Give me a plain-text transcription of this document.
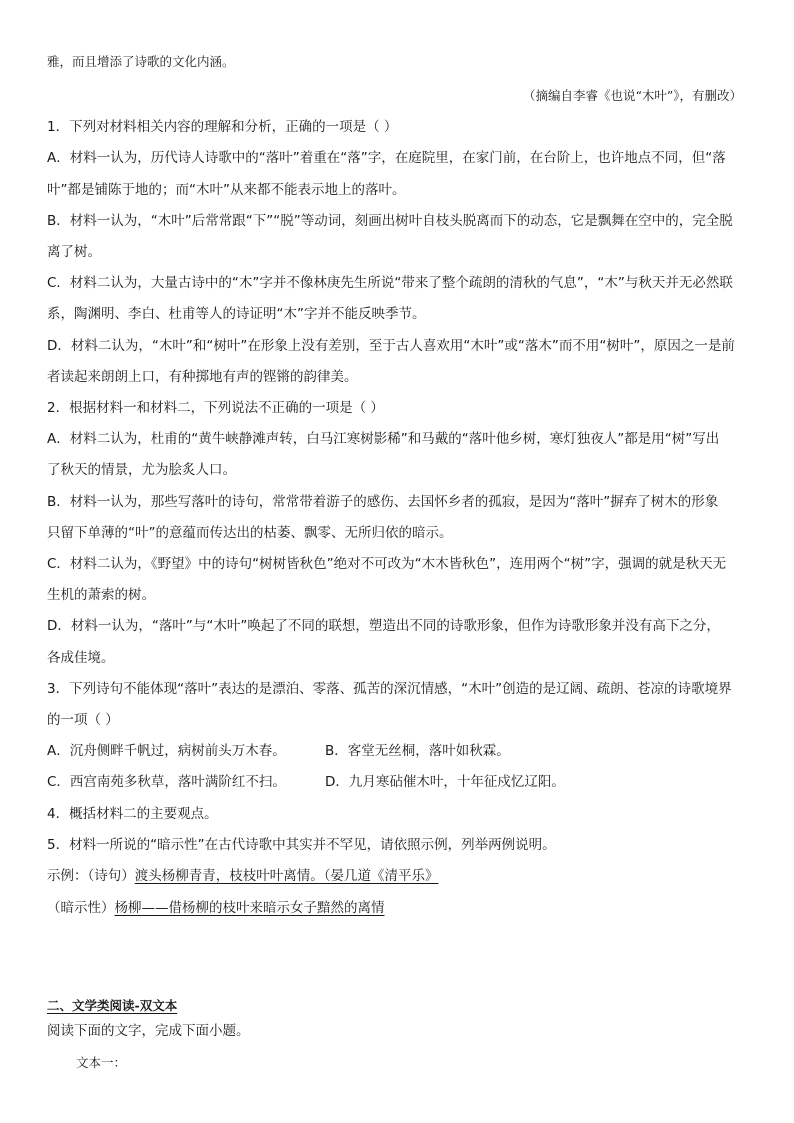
雅，而且增添了诗歌的文化内涵。
（摘编自李睿《也说“木叶”》，有删改）
1．下列对材料相关内容的理解和分析，正确的一项是（ ）
A．材料一认为，历代诗人诗歌中的“落叶”着重在“落”字，在庭院里，在家门前，在台阶上，也许地点不同，但“落
叶”都是铺陈于地的；而“木叶”从来都不能表示地上的落叶。
B．材料一认为，“木叶”后常常跟“下”“脱”等动词，刻画出树叶自枝头脱离而下的动态，它是飘舞在空中的，完全脱
离了树。
C．材料二认为，大量古诗中的“木”字并不像林庚先生所说“带来了整个疏朗的清秋的气息”，“木”与秋天并无必然联
系，陶渊明、李白、杜甫等人的诗证明“木”字并不能反映季节。
D．材料二认为，“木叶”和“树叶”在形象上没有差别，至于古人喜欢用“木叶”或“落木”而不用“树叶”，原因之一是前
者读起来朗朗上口，有种掷地有声的铿锵的韵律美。
2．根据材料一和材料二，下列说法不正确的一项是（ ）
A．材料二认为，杜甫的“黄牛峡静滩声转，白马江寒树影稀”和马戴的“落叶他乡树，寒灯独夜人”都是用“树”写出
了秋天的情景，尤为脍炙人口。
B．材料一认为，那些写落叶的诗句，常常带着游子的感伤、去国怀乡者的孤寂，是因为“落叶”摒弃了树木的形象
只留下单薄的“叶”的意蕴而传达出的枯萎、飘零、无所归依的暗示。
C．材料二认为，《野望》中的诗句“树树皆秋色”绝对不可改为“木木皆秋色”，连用两个“树”字，强调的就是秋天无
生机的萧索的树。
D．材料一认为，“落叶”与“木叶”唤起了不同的联想，塑造出不同的诗歌形象，但作为诗歌形象并没有高下之分，
各成佳境。
3．下列诗句不能体现“落叶”表达的是漂泊、零落、孤苦的深沉情感，“木叶”创造的是辽阔、疏朗、苍凉的诗歌境界
的一项（ ）
A．沉舟侧畔千帆过，病树前头万木春。	B．客堂无丝桐，落叶如秋霖。
C．西宫南苑多秋草，落叶满阶红不扫。	D．九月寒砧催木叶，十年征戍忆辽阳。
4．概括材料二的主要观点。
5．材料一所说的“暗示性”在古代诗歌中其实并不罕见，请依照示例，列举两例说明。
示例：（诗句）渡头杨柳青青，枝枝叶叶离情。（晏几道《清平乐》
（暗示性）杨柳——借杨柳的枝叶来暗示女子黯然的离情
二、文学类阅读-双文本
阅读下面的文字，完成下面小题。
文本一：
